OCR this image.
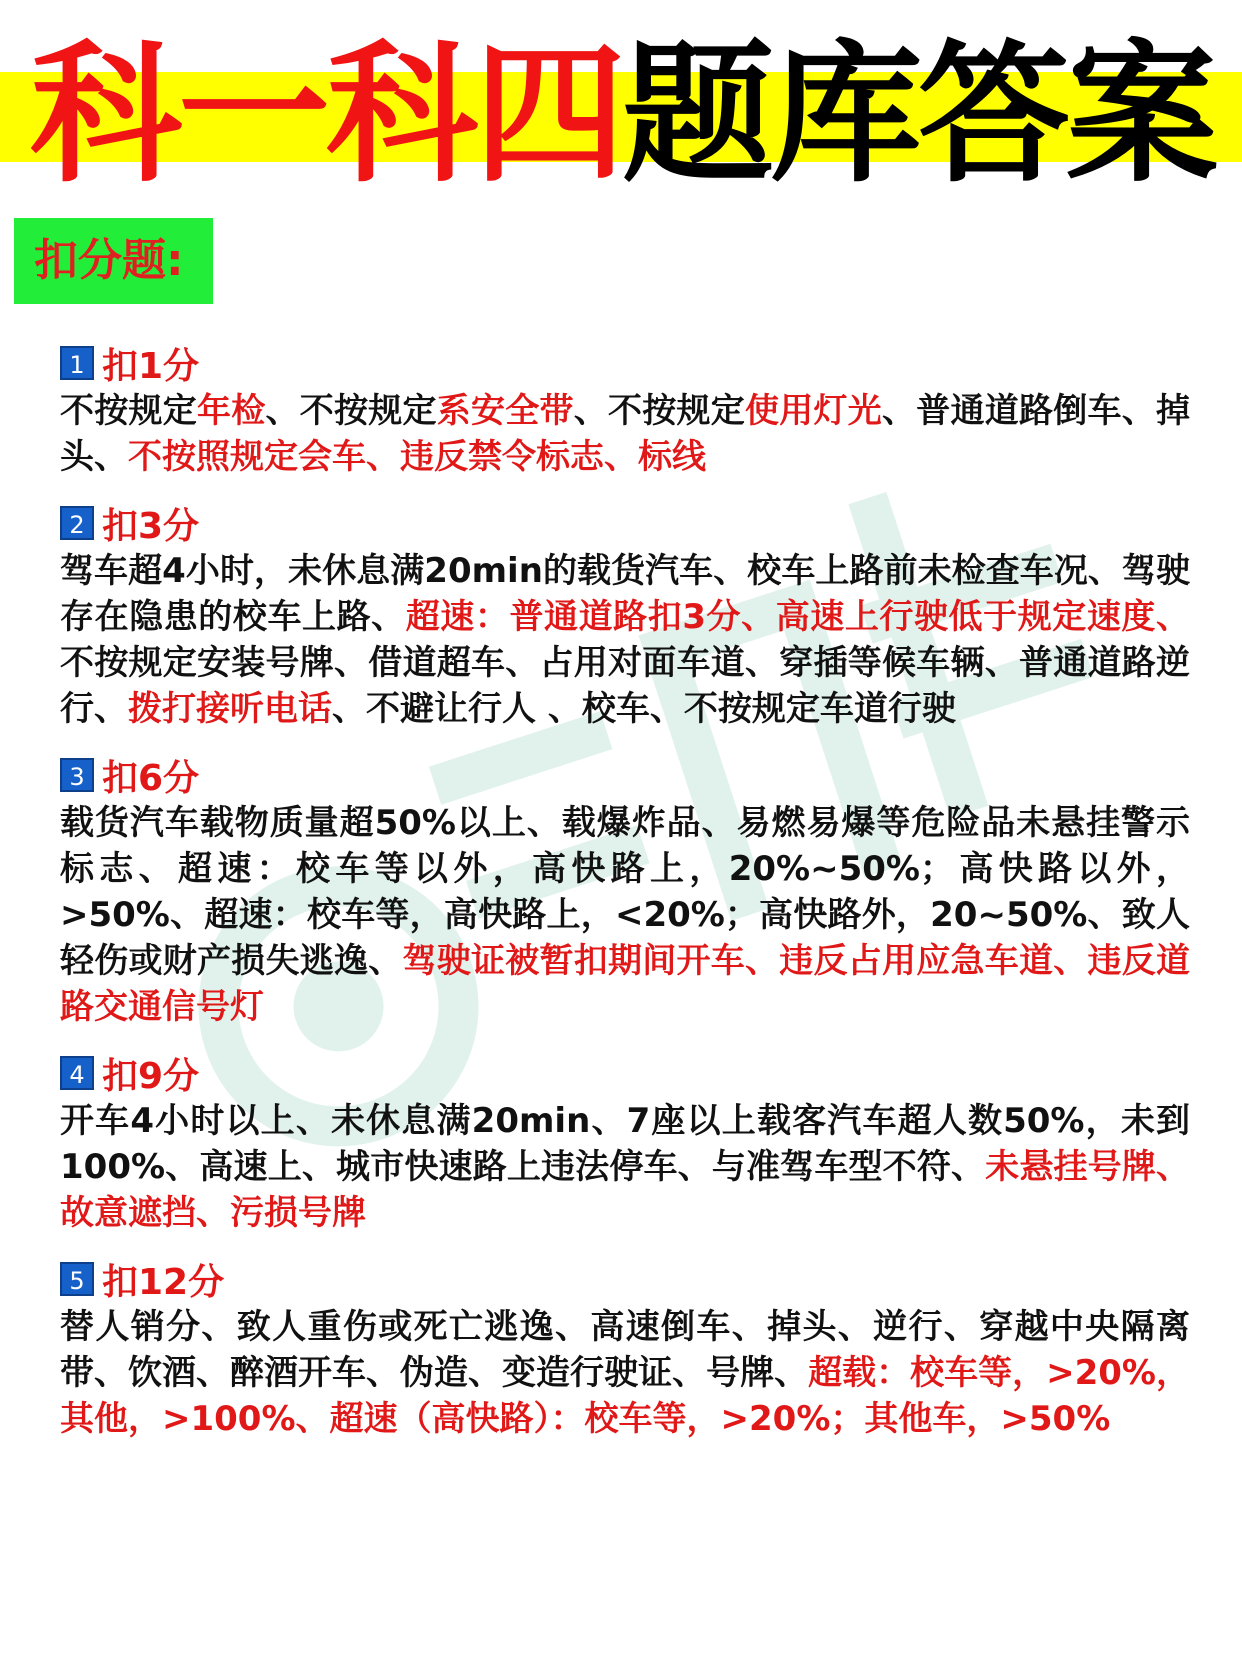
科一科四题库答案
扣分题:
1 扣1分

不按规定年检、不按规定系安全带、不按规定使用灯光、普通道路倒车、掉头、不按照规定会车、违反禁令标志、标线

2 扣3分

驾车超4小时，未休息满20min的载货汽车、校车上路前未检查车况、驾驶存在隐患的校车上路、超速：普通道路扣3分、高速上行驶低于规定速度、不按规定安装号牌、借道超车、占用对面车道、穿插等候车辆、普通道路逆行、拨打接听电话、不避让行人 、校车、不按规定车道行驶

3 扣6分

载货汽车载物质量超50%以上、载爆炸品、易燃易爆等危险品未悬挂警示标志、超速：校车等以外，高快路上，20%~50%；高快路以外，>50%、超速：校车等，高快路上，<20%；高快路外，20~50%、致人轻伤或财产损失逃逸、驾驶证被暂扣期间开车、违反占用应急车道、违反道路交通信号灯

4 扣9分

开车4小时以上、未休息满20min、7座以上载客汽车超人数50%，未到100%、高速上、城市快速路上违法停车、与准驾车型不符、未悬挂号牌、故意遮挡、污损号牌

5 扣12分

替人销分、致人重伤或死亡逃逸、高速倒车、掉头、逆行、穿越中央隔离带、饮酒、醉酒开车、伪造、变造行驶证、号牌、超载：校车等，>20%，其他，>100%、超速（高快路）：校车等，>20%；其他车，>50%
